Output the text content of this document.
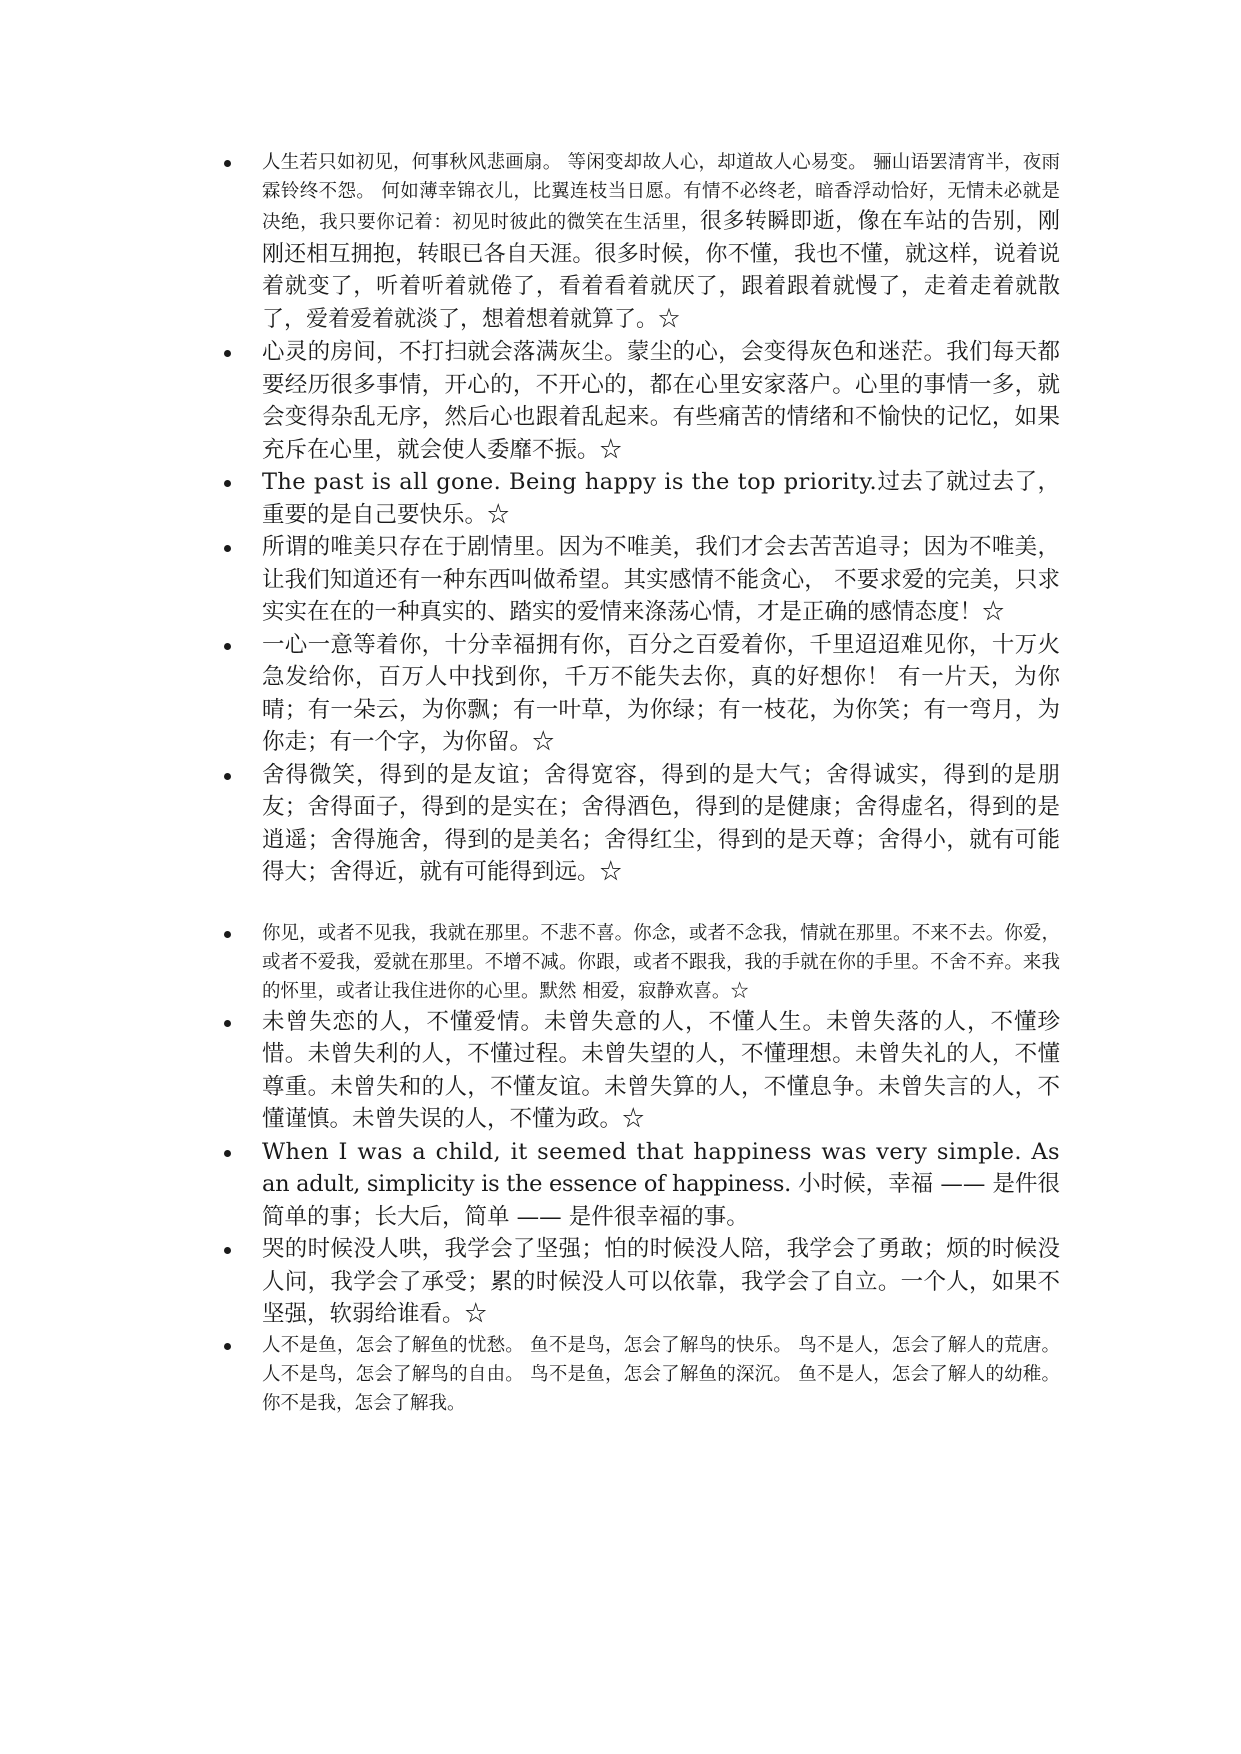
人生若只如初见，何事秋风悲画扇。 等闲变却故人心，却道故人心易变。 骊山语罢清宵半，夜雨霖铃终不怨。 何如薄幸锦衣儿，比翼连枝当日愿。有情不必终老，暗香浮动恰好，无情未必就是决绝，我只要你记着：初见时彼此的微笑在生活里，很多转瞬即逝，像在车站的告别，刚刚还相互拥抱，转眼已各自天涯。很多时候，你不懂，我也不懂，就这样，说着说着就变了，听着听着就倦了，看着看着就厌了，跟着跟着就慢了，走着走着就散了，爱着爱着就淡了，想着想着就算了。☆
心灵的房间，不打扫就会落满灰尘。蒙尘的心，会变得灰色和迷茫。我们每天都要经历很多事情，开心的，不开心的，都在心里安家落户。心里的事情一多，就会变得杂乱无序，然后心也跟着乱起来。有些痛苦的情绪和不愉快的记忆，如果充斥在心里，就会使人委靡不振。☆
The past is all gone. Being happy is the top priority.过去了就过去了，重要的是自己要快乐。☆
所谓的唯美只存在于剧情里。因为不唯美，我们才会去苦苦追寻；因为不唯美，让我们知道还有一种东西叫做希望。其实感情不能贪心， 不要求爱的完美，只求实实在在的一种真实的、踏实的爱情来涤荡心情，才是正确的感情态度！☆
一心一意等着你，十分幸福拥有你，百分之百爱着你，千里迢迢难见你，十万火急发给你，百万人中找到你，千万不能失去你，真的好想你！ 有一片天，为你晴；有一朵云，为你飘；有一叶草，为你绿；有一枝花，为你笑；有一弯月，为你走；有一个字，为你留。☆
舍得微笑，得到的是友谊；舍得宽容，得到的是大气；舍得诚实，得到的是朋友；舍得面子，得到的是实在；舍得酒色，得到的是健康；舍得虚名，得到的是逍遥；舍得施舍，得到的是美名；舍得红尘，得到的是天尊；舍得小，就有可能得大；舍得近，就有可能得到远。☆
你见，或者不见我，我就在那里。不悲不喜。你念，或者不念我，情就在那里。不来不去。你爱，或者不爱我，爱就在那里。不增不减。你跟，或者不跟我，我的手就在你的手里。不舍不弃。来我的怀里，或者让我住进你的心里。默然 相爱，寂静欢喜。☆
未曾失恋的人，不懂爱情。未曾失意的人，不懂人生。未曾失落的人，不懂珍惜。未曾失利的人，不懂过程。未曾失望的人，不懂理想。未曾失礼的人，不懂尊重。未曾失和的人，不懂友谊。未曾失算的人，不懂息争。未曾失言的人，不懂谨慎。未曾失误的人，不懂为政。☆
When I was a child, it seemed that happiness was very simple. As an adult, simplicity is the essence of happiness. 小时候，幸福 —— 是件很简单的事；长大后，简单 —— 是件很幸福的事。
哭的时候没人哄，我学会了坚强；怕的时候没人陪，我学会了勇敢；烦的时候没人问，我学会了承受；累的时候没人可以依靠，我学会了自立。一个人，如果不坚强，软弱给谁看。☆
人不是鱼，怎会了解鱼的忧愁。 鱼不是鸟，怎会了解鸟的快乐。 鸟不是人，怎会了解人的荒唐。 人不是鸟，怎会了解鸟的自由。 鸟不是鱼，怎会了解鱼的深沉。 鱼不是人，怎会了解人的幼稚。 你不是我，怎会了解我。
